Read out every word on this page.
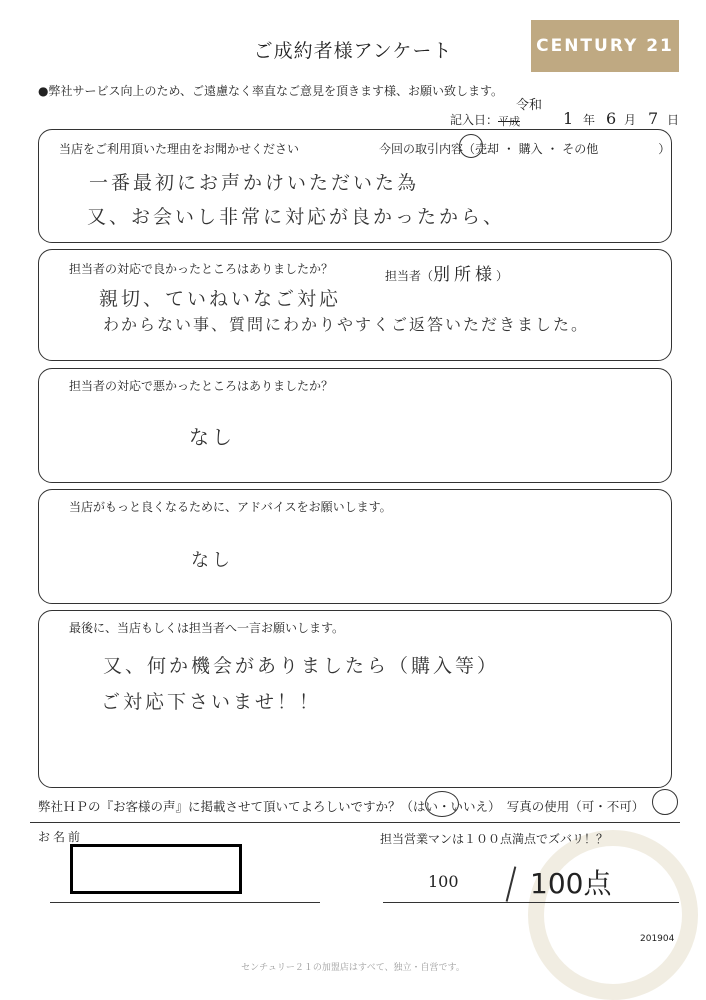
ご成約者様アンケート	CENTURY 21
●弊社サービス向上のため、ご遠慮なく率直なご意見を頂きます様、お願い致します。
記入日： 平成
令和
1 年 6 月 7 日
当店をご利用頂いた理由をお聞かせください	今回の取引内容（売却 ・ 購入 ・ その他	）
一番最初にお声かけいただいた為
又、お会いし非常に対応が良かったから、
担当者の対応で良かったところはありましたか？	担当者（別所様）
親切、ていねいなご対応
わからない事、質問にわかりやすくご返答いただきました。
担当者の対応で悪かったところはありましたか？
なし
当店がもっと良くなるために、アドバイスをお願いします。
なし
最後に、当店もしくは担当者へ一言お願いします。
又、何か機会がありましたら（購入等）
ご対応下さいませ！！
弊社ＨＰの『お客様の声』に掲載させて頂いてよろしいですか？（はい・いいえ）　写真の使用（可・不可）
お名前	担当営業マンは１００点満点でズバリ！？
100	100点
201904
センチュリー２１の加盟店はすべて、独立・自営です。
